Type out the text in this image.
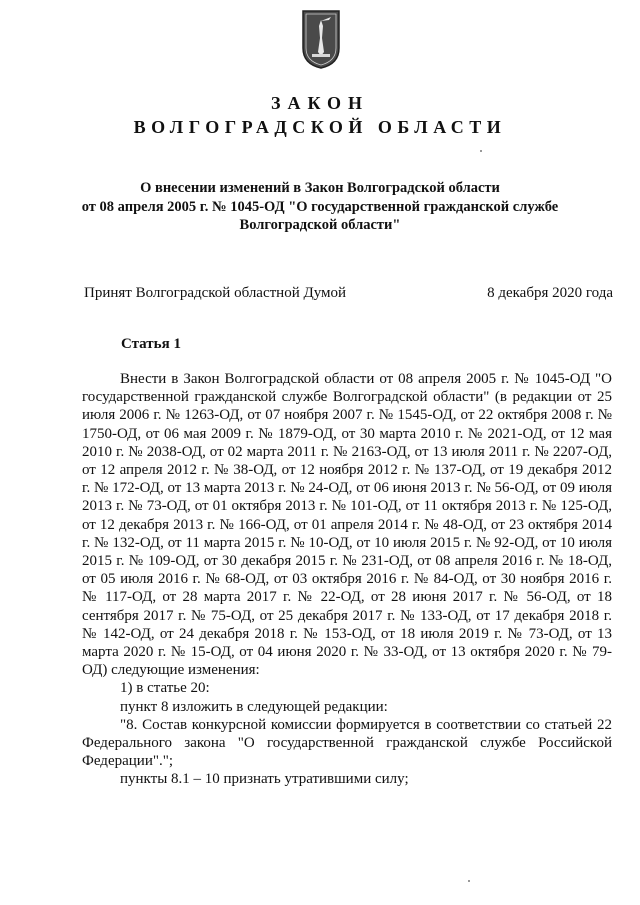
ЗАКОН
ВОЛГОГРАДСКОЙ ОБЛАСТИ
О внесении изменений в Закон Волгоградской области
от 08 апреля 2005 г. № 1045-ОД "О государственной гражданской службе
Волгоградской области"
Принят Волгоградской областной Думой	8 декабря 2020 года
Статья 1

Внести в Закон Волгоградской области от 08 апреля 2005 г. № 1045-ОД "О государственной гражданской службе Волгоградской области" (в редакции от 25 июля 2006 г. № 1263-ОД, от 07 ноября 2007 г. № 1545-ОД, от 22 октября 2008 г. № 1750-ОД, от 06 мая 2009 г. № 1879-ОД, от 30 марта 2010 г. № 2021-ОД, от 12 мая 2010 г. № 2038-ОД, от 02 марта 2011 г. № 2163-ОД, от 13 июля 2011 г. № 2207-ОД, от 12 апреля 2012 г. № 38-ОД, от 12 ноября 2012 г. № 137-ОД, от 19 декабря 2012 г. № 172-ОД, от 13 марта 2013 г. № 24-ОД, от 06 июня 2013 г. № 56-ОД, от 09 июля 2013 г. № 73-ОД, от 01 октября 2013 г. № 101-ОД, от 11 октября 2013 г. № 125-ОД, от 12 декабря 2013 г. № 166-ОД, от 01 апреля 2014 г. № 48-ОД, от 23 октября 2014 г. № 132-ОД, от 11 марта 2015 г. № 10-ОД, от 10 июля 2015 г. № 92-ОД, от 10 июля 2015 г. № 109-ОД, от 30 декабря 2015 г. № 231-ОД, от 08 апреля 2016 г. № 18-ОД, от 05 июля 2016 г. № 68-ОД, от 03 октября 2016 г. № 84-ОД, от 30 ноября 2016 г. № 117-ОД, от 28 марта 2017 г. № 22-ОД, от 28 июня 2017 г. № 56-ОД, от 18 сентября 2017 г. № 75-ОД, от 25 декабря 2017 г. № 133-ОД, от 17 декабря 2018 г. № 142-ОД, от 24 декабря 2018 г. № 153-ОД, от 18 июля 2019 г. № 73-ОД, от 13 марта 2020 г. № 15-ОД, от 04 июня 2020 г. № 33-ОД, от 13 октября 2020 г. № 79-ОД) следующие изменения:

1) в статье 20:

пункт 8 изложить в следующей редакции:

"8. Состав конкурсной комиссии формируется в соответствии со статьей 22 Федерального закона "О государственной гражданской службе Российской Федерации".";

пункты 8.1 – 10 признать утратившими силу;
